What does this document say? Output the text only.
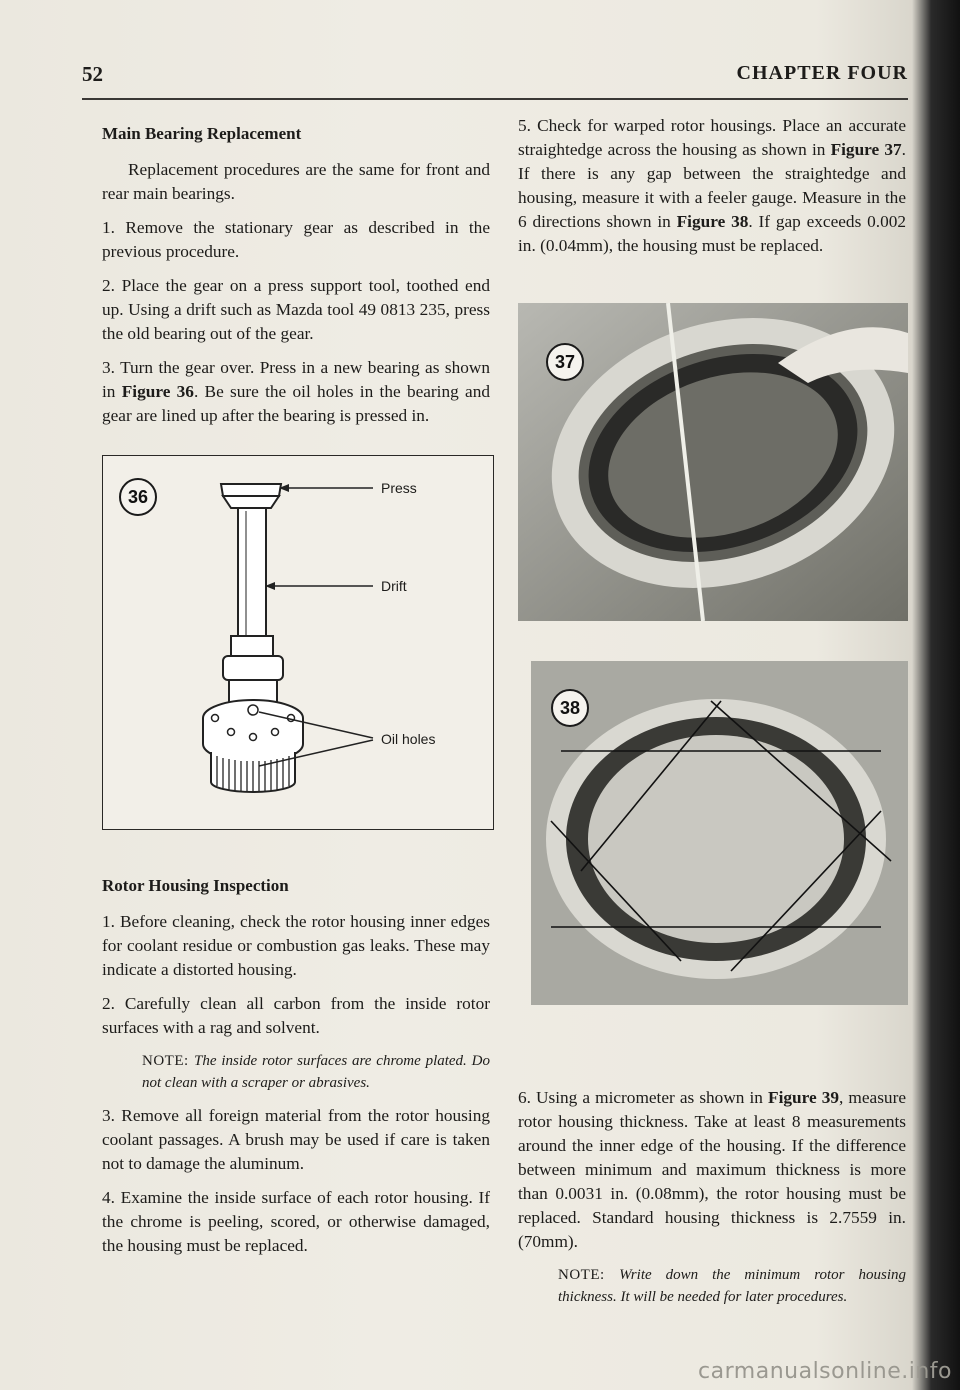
52	CHAPTER FOUR
Main Bearing Replacement

Replacement procedures are the same for front and rear main bearings.

1. Remove the stationary gear as described in the previous procedure.

2. Place the gear on a press support tool, toothed end up. Using a drift such as Mazda tool 49 0813 235, press the old bearing out of the gear.

3. Turn the gear over. Press in a new bearing as shown in Figure 36. Be sure the oil holes in the bearing and gear are lined up after the bearing is pressed in.

36	Press
Drift
Oil holes
Rotor Housing Inspection

1. Before cleaning, check the rotor housing inner edges for coolant residue or combustion gas leaks. These may indicate a distorted housing.

2. Carefully clean all carbon from the inside rotor surfaces with a rag and solvent.

NOTE: The inside rotor surfaces are chrome plated. Do not clean with a scraper or abrasives.

3. Remove all foreign material from the rotor housing coolant passages. A brush may be used if care is taken not to damage the aluminum.

4. Examine the inside surface of each rotor housing. If the chrome is peeling, scored, or otherwise damaged, the housing must be replaced.

5. Check for warped rotor housings. Place an accurate straightedge across the housing as shown in Figure 37. If there is any gap between the straightedge and housing, measure it with a feeler gauge. Measure in the 6 directions shown in Figure 38. If gap exceeds 0.002 in. (0.04mm), the housing must be replaced.

37
38

6. Using a micrometer as shown in Figure 39, measure rotor housing thickness. Take at least 8 measurements around the inner edge of the housing. If the difference between minimum and maximum thickness is more than 0.0031 in. (0.08mm), the rotor housing must be replaced. Standard housing thickness is 2.7559 in. (70mm).

NOTE: Write down the minimum rotor housing thickness. It will be needed for later procedures.

carmanualsonline.info
